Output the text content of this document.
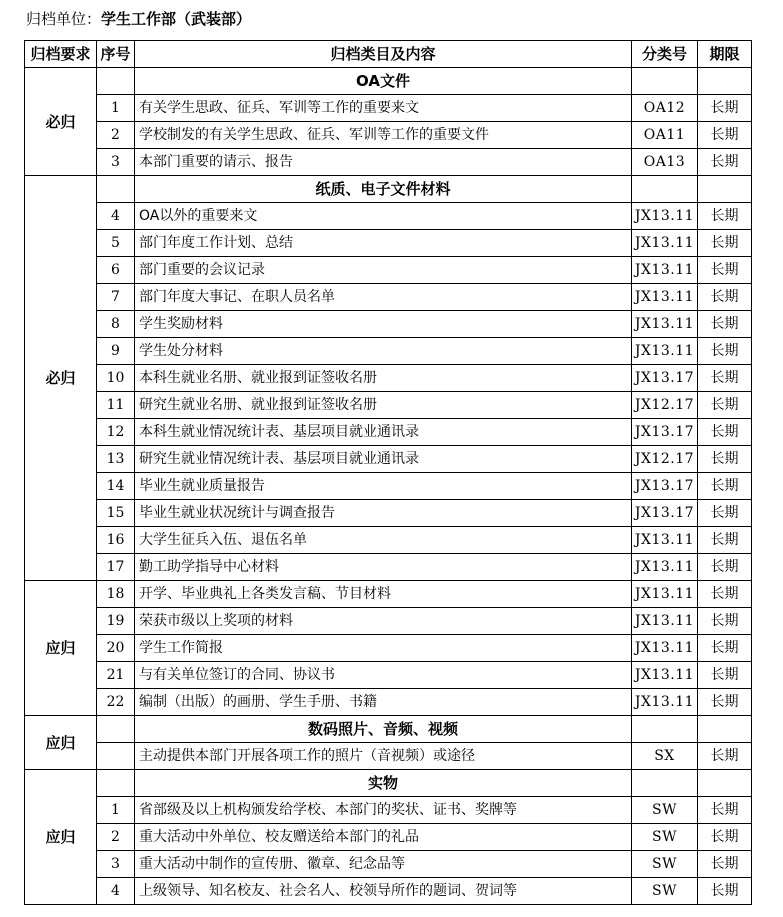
归档单位：学生工作部（武装部）
归档要求	序号	归档类目及内容	分类号	期限
必归		OA文件		
	1	有关学生思政、征兵、军训等工作的重要来文	OA12	长期
	2	学校制发的有关学生思政、征兵、军训等工作的重要文件	OA11	长期
	3	本部门重要的请示、报告	OA13	长期
必归		纸质、电子文件材料		
	4	OA以外的重要来文	JX13.11	长期
	5	部门年度工作计划、总结	JX13.11	长期
	6	部门重要的会议记录	JX13.11	长期
	7	部门年度大事记、在职人员名单	JX13.11	长期
	8	学生奖励材料	JX13.11	长期
	9	学生处分材料	JX13.11	长期
	10	本科生就业名册、就业报到证签收名册	JX13.17	长期
	11	研究生就业名册、就业报到证签收名册	JX12.17	长期
	12	本科生就业情况统计表、基层项目就业通讯录	JX13.17	长期
	13	研究生就业情况统计表、基层项目就业通讯录	JX12.17	长期
	14	毕业生就业质量报告	JX13.17	长期
	15	毕业生就业状况统计与调查报告	JX13.17	长期
	16	大学生征兵入伍、退伍名单	JX13.11	长期
	17	勤工助学指导中心材料	JX13.11	长期
应归	18	开学、毕业典礼上各类发言稿、节目材料	JX13.11	长期
	19	荣获市级以上奖项的材料	JX13.11	长期
	20	学生工作简报	JX13.11	长期
	21	与有关单位签订的合同、协议书	JX13.11	长期
	22	编制（出版）的画册、学生手册、书籍	JX13.11	长期
应归		数码照片、音频、视频		
		主动提供本部门开展各项工作的照片（音视频）或途径	SX	长期
应归		实物		
	1	省部级及以上机构颁发给学校、本部门的奖状、证书、奖牌等	SW	长期
	2	重大活动中外单位、校友赠送给本部门的礼品	SW	长期
	3	重大活动中制作的宣传册、徽章、纪念品等	SW	长期
	4	上级领导、知名校友、社会名人、校领导所作的题词、贺词等	SW	长期
